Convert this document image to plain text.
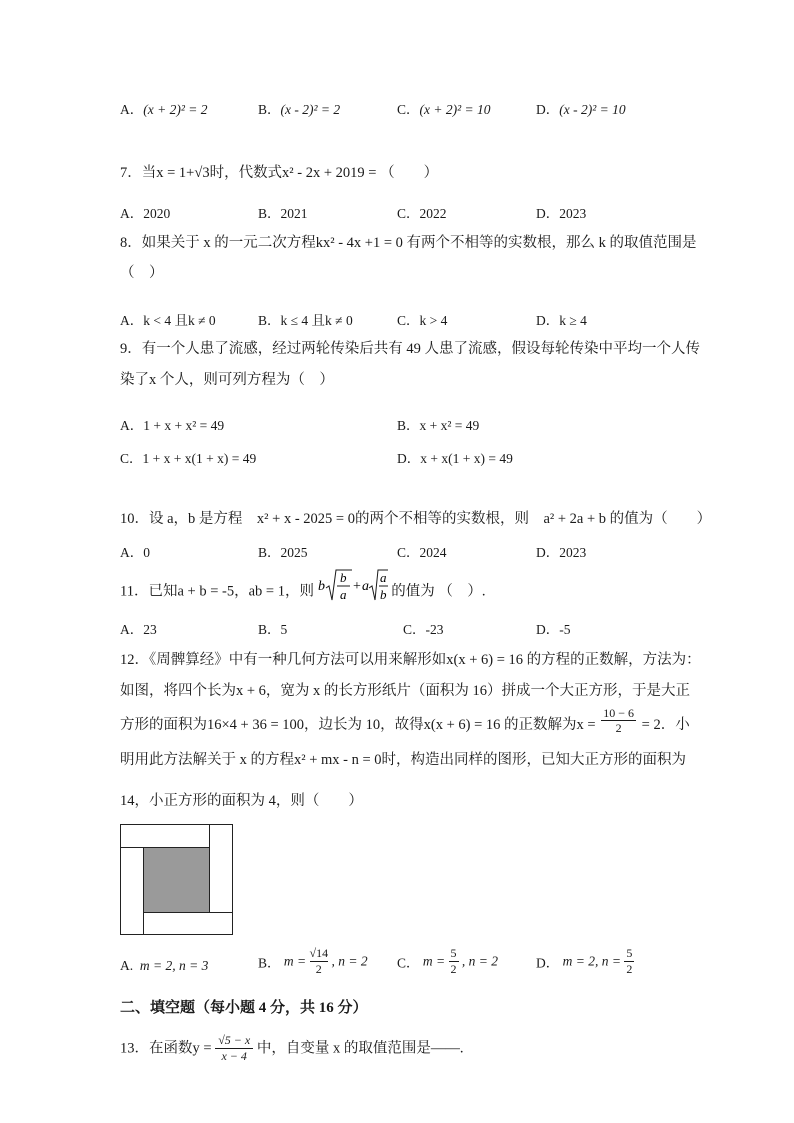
A．(x + 2)² = 2	B．(x - 2)² = 2	C．(x + 2)² = 10	D．(x - 2)² = 10
7．当x = 1+√3时，代数式x² - 2x + 2019 = （　　）
A．2020	B．2021	C．2022	D．2023
8．如果关于 x 的一元二次方程kx² - 4x +1 = 0 有两个不相等的实数根，那么 k 的取值范围是
（　）
A．k < 4 且k ≠ 0	B．k ≤ 4 且k ≠ 0	C．k > 4	D．k ≥ 4
9．有一个人患了流感，经过两轮传染后共有 49 人患了流感，假设每轮传染中平均一个人传
染了x 个人，则可列方程为（　）
A．1 + x + x² = 49	B．x + x² = 49
C．1 + x + x(1 + x) = 49	D．x + x(1 + x) = 49
10．设 a，b 是方程　x² + x - 2025 = 0的两个不相等的实数根，则　a² + 2a + b 的值为（　　）
A．0	B．2025	C．2024	D．2023
11．已知a + b = -5，ab = 1，则 b
b
a
+ a
a
b 的值为 （　）.
A．23	B．5	C．-23	D．-5
12．《周髀算经》中有一种几何方法可以用来解形如x(x + 6) = 16 的方程的正数解，方法为：
如图，将四个长为x + 6，宽为 x 的长方形纸片（面积为 16）拼成一个大正方形，于是大正
方形的面积为16×4 + 36 = 100，边长为 10，故得x(x + 6) = 16 的正数解为$x = \frac{10 - 6}{2} = 2$．小
明用此方法解关于 x 的方程x² + mx - n = 0时，构造出同样的图形，已知大正方形的面积为
14，小正方形的面积为 4，则（　　）
A. m = 2, n = 3	B． $m = \frac{√14}{2}$ , n = 2 C． $m = \frac{5}{2}$ , n = 2	D． m = 2, $n = \frac{5}{2}$
二、填空题（每小题 4 分，共 16 分）
13．在函数$y = \frac{√5 - x}{x - 4}$ 中，自变量 x 的取值范围是——.
